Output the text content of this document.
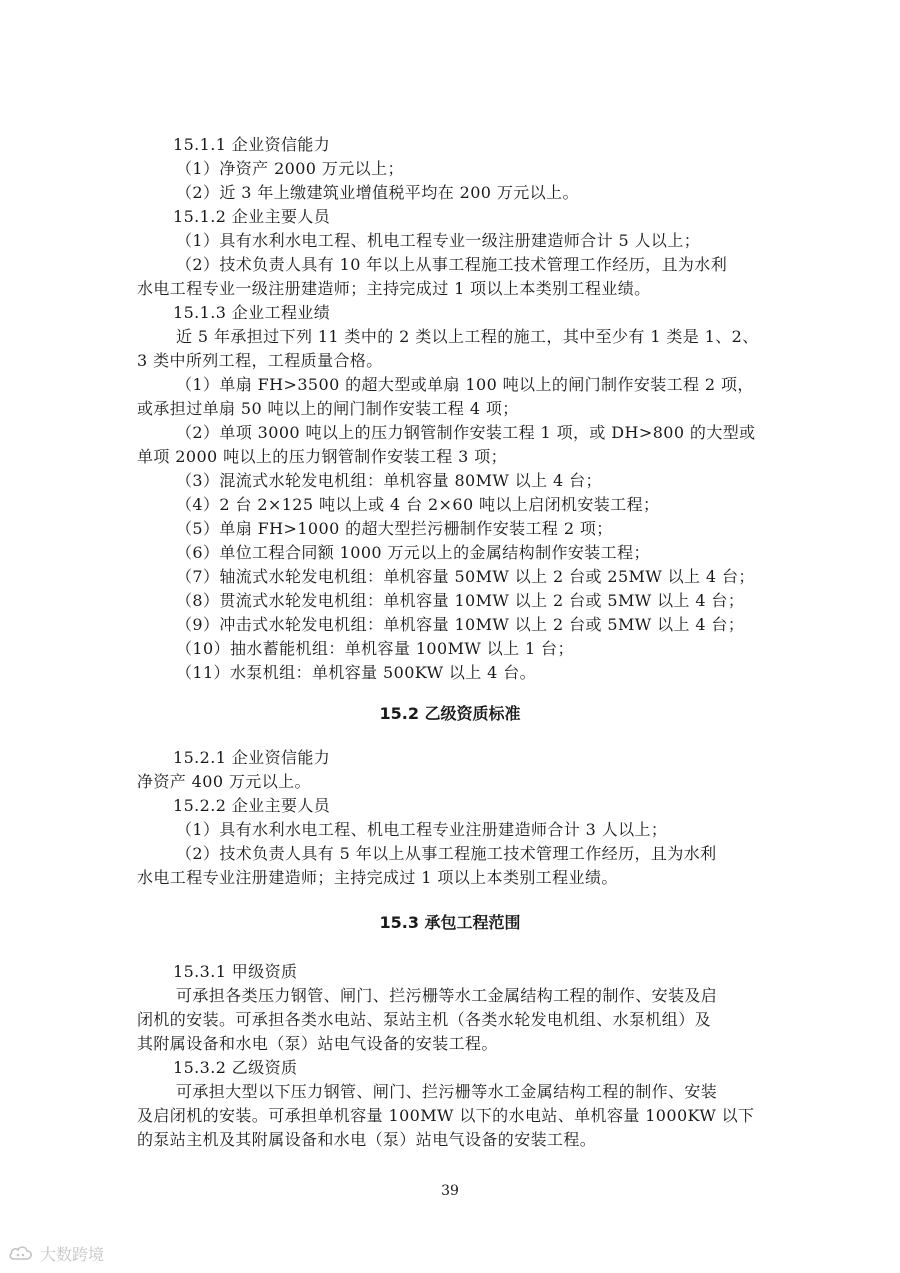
15.1.1 企业资信能力
（1）净资产 2000 万元以上；
（2）近 3 年上缴建筑业增值税平均在 200 万元以上。
15.1.2 企业主要人员
（1）具有水利水电工程、机电工程专业一级注册建造师合计 5 人以上；
（2）技术负责人具有 10 年以上从事工程施工技术管理工作经历，且为水利
水电工程专业一级注册建造师；主持完成过 1 项以上本类别工程业绩。
15.1.3 企业工程业绩
近 5 年承担过下列 11 类中的 2 类以上工程的施工，其中至少有 1 类是 1、2、
3 类中所列工程，工程质量合格。
（1）单扇 FH>3500 的超大型或单扇 100 吨以上的闸门制作安装工程 2 项，
或承担过单扇 50 吨以上的闸门制作安装工程 4 项；
（2）单项 3000 吨以上的压力钢管制作安装工程 1 项，或 DH>800 的大型或
单项 2000 吨以上的压力钢管制作安装工程 3 项；
（3）混流式水轮发电机组：单机容量 80MW 以上 4 台；
（4）2 台 2×125 吨以上或 4 台 2×60 吨以上启闭机安装工程；
（5）单扇 FH>1000 的超大型拦污栅制作安装工程 2 项；
（6）单位工程合同额 1000 万元以上的金属结构制作安装工程；
（7）轴流式水轮发电机组：单机容量 50MW 以上 2 台或 25MW 以上 4 台；
（8）贯流式水轮发电机组：单机容量 10MW 以上 2 台或 5MW 以上 4 台；
（9）冲击式水轮发电机组：单机容量 10MW 以上 2 台或 5MW 以上 4 台；
（10）抽水蓄能机组：单机容量 100MW 以上 1 台；
（11）水泵机组：单机容量 500KW 以上 4 台。
15.2 乙级资质标准
15.2.1 企业资信能力
净资产 400 万元以上。
15.2.2 企业主要人员
（1）具有水利水电工程、机电工程专业注册建造师合计 3 人以上；
（2）技术负责人具有 5 年以上从事工程施工技术管理工作经历，且为水利
水电工程专业注册建造师；主持完成过 1 项以上本类别工程业绩。
15.3 承包工程范围
15.3.1 甲级资质
可承担各类压力钢管、闸门、拦污栅等水工金属结构工程的制作、安装及启
闭机的安装。可承担各类水电站、泵站主机（各类水轮发电机组、水泵机组）及
其附属设备和水电（泵）站电气设备的安装工程。
15.3.2 乙级资质
可承担大型以下压力钢管、闸门、拦污栅等水工金属结构工程的制作、安装
及启闭机的安装。可承担单机容量 100MW 以下的水电站、单机容量 1000KW 以下
的泵站主机及其附属设备和水电（泵）站电气设备的安装工程。
39
大数跨境
